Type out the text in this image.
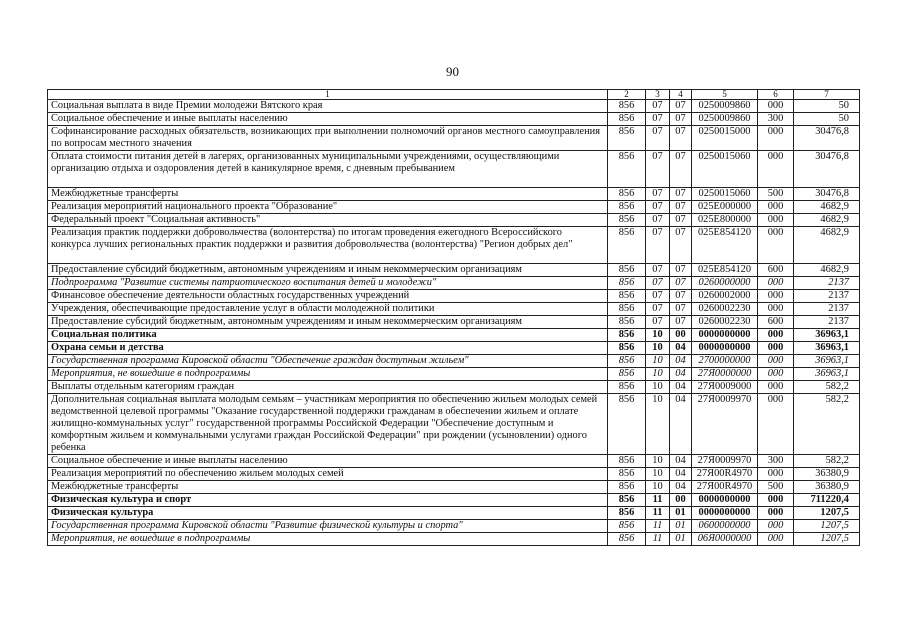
90
1	2	3	4	5	6	7
Социальная выплата в виде Премии молодежи Вятского края	856	07	07	0250009860	000	50
Социальное обеспечение и иные выплаты населению	856	07	07	0250009860	300	50
Софинансирование расходных обязательств, возникающих при выполнении полномочий органов местного самоуправления по вопросам местного значения	856	07	07	0250015000	000	30476,8
Оплата стоимости питания детей в лагерях, организованных муниципальными учреждениями, осуществляющими организацию отдыха и оздоровления детей в каникулярное время, с дневным пребыванием	856	07	07	0250015060	000	30476,8
Межбюджетные трансферты	856	07	07	0250015060	500	30476,8
Реализация мероприятий национального проекта "Образование"	856	07	07	025E000000	000	4682,9
Федеральный проект "Социальная активность"	856	07	07	025E800000	000	4682,9
Реализация практик поддержки добровольчества (волонтерства) по итогам проведения ежегодного Всероссийского конкурса лучших региональных практик поддержки и развития добровольчества (волонтерства) "Регион добрых дел"	856	07	07	025E854120	000	4682,9
Предоставление субсидий бюджетным, автономным учреждениям и иным некоммерческим организациям	856	07	07	025E854120	600	4682,9
Подпрограмма "Развитие системы патриотического воспитания детей и молодежи"	856	07	07	0260000000	000	2137
Финансовое обеспечение деятельности областных государственных учреждений	856	07	07	0260002000	000	2137
Учреждения, обеспечивающие предоставление услуг в области молодежной политики	856	07	07	0260002230	000	2137
Предоставление субсидий бюджетным, автономным учреждениям и иным некоммерческим организациям	856	07	07	0260002230	600	2137
Социальная политика	856	10	00	0000000000	000	36963,1
Охрана семьи и детства	856	10	04	0000000000	000	36963,1
Государственная программа Кировской области "Обеспечение граждан доступным жильем"	856	10	04	2700000000	000	36963,1
Мероприятия, не вошедшие в подпрограммы	856	10	04	27Я0000000	000	36963,1
Выплаты отдельным категориям граждан	856	10	04	27Я0009000	000	582,2
Дополнительная социальная выплата молодым семьям – участникам мероприятия по обеспечению жильем молодых семей ведомственной целевой программы "Оказание государственной поддержки гражданам в обеспечении жильем и оплате жилищно-коммунальных услуг" государственной программы Российской Федерации "Обеспечение доступным и комфортным жильем и коммунальными услугами граждан Российской Федерации" при рождении (усыновлении) одного ребенка	856	10	04	27Я0009970	000	582,2
Социальное обеспечение и иные выплаты населению	856	10	04	27Я0009970	300	582,2
Реализация мероприятий по обеспечению жильем молодых семей	856	10	04	27Я00R4970	000	36380,9
Межбюджетные трансферты	856	10	04	27Я00R4970	500	36380,9
Физическая культура и спорт	856	11	00	0000000000	000	711220,4
Физическая культура	856	11	01	0000000000	000	1207,5
Государственная программа Кировской области "Развитие физической культуры и спорта"	856	11	01	0600000000	000	1207,5
Мероприятия, не вошедшие в подпрограммы	856	11	01	06Я0000000	000	1207,5
